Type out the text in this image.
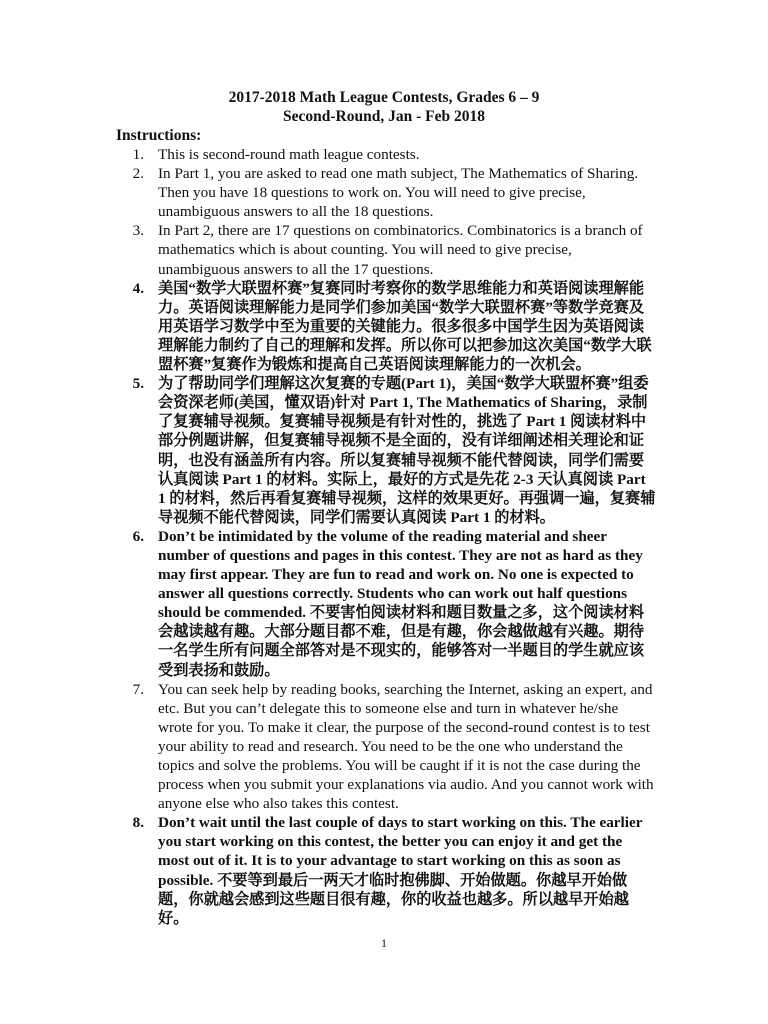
2017-2018 Math League Contests, Grades 6 – 9
Second-Round, Jan - Feb 2018
Instructions:
1. This is second-round math league contests.
2. In Part 1, you are asked to read one math subject, The Mathematics of Sharing. Then you have 18 questions to work on. You will need to give precise, unambiguous answers to all the 18 questions.
3. In Part 2, there are 17 questions on combinatorics. Combinatorics is a branch of mathematics which is about counting. You will need to give precise, unambiguous answers to all the 17 questions.
4. 美国“数学大联盟杯赛”复赛同时考察你的数学思维能力和英语阅读理解能力。英语阅读理解能力是同学们参加美国“数学大联盟杯赛”等数学竞赛及用英语学习数学中至为重要的关键能力。很多很多中国学生因为英语阅读理解能力制约了自己的理解和发挥。所以你可以把参加这次美国“数学大联盟杯赛”复赛作为锻炼和提高自己英语阅读理解能力的一次机会。
5. 为了帮助同学们理解这次复赛的专题(Part 1)，美国“数学大联盟杯赛”组委会资深老师(美国，懂双语)针对 Part 1, The Mathematics of Sharing，录制了复赛辅导视频。复赛辅导视频是有针对性的，挑选了 Part 1 阅读材料中部分例题讲解，但复赛辅导视频不是全面的，没有详细阐述相关理论和证明，也没有涵盖所有内容。所以复赛辅导视频不能代替阅读，同学们需要认真阅读 Part 1 的材料。实际上，最好的方式是先花 2-3 天认真阅读 Part 1 的材料，然后再看复赛辅导视频，这样的效果更好。再强调一遍，复赛辅导视频不能代替阅读，同学们需要认真阅读 Part 1 的材料。
6. Don’t be intimidated by the volume of the reading material and sheer number of questions and pages in this contest. They are not as hard as they may first appear. They are fun to read and work on. No one is expected to answer all questions correctly. Students who can work out half questions should be commended. 不要害怕阅读材料和题目数量之多，这个阅读材料会越读越有趣。大部分题目都不难，但是有趣，你会越做越有兴趣。期待一名学生所有问题全部答对是不现实的，能够答对一半题目的学生就应该受到表扬和鼓励。
7. You can seek help by reading books, searching the Internet, asking an expert, and etc. But you can’t delegate this to someone else and turn in whatever he/she wrote for you. To make it clear, the purpose of the second-round contest is to test your ability to read and research. You need to be the one who understand the topics and solve the problems. You will be caught if it is not the case during the process when you submit your explanations via audio. And you cannot work with anyone else who also takes this contest.
8. Don’t wait until the last couple of days to start working on this. The earlier you start working on this contest, the better you can enjoy it and get the most out of it. It is to your advantage to start working on this as soon as possible. 不要等到最后一两天才临时抱佛脚、开始做题。你越早开始做题，你就越会感到这些题目很有趣，你的收益也越多。所以越早开始越好。
1
